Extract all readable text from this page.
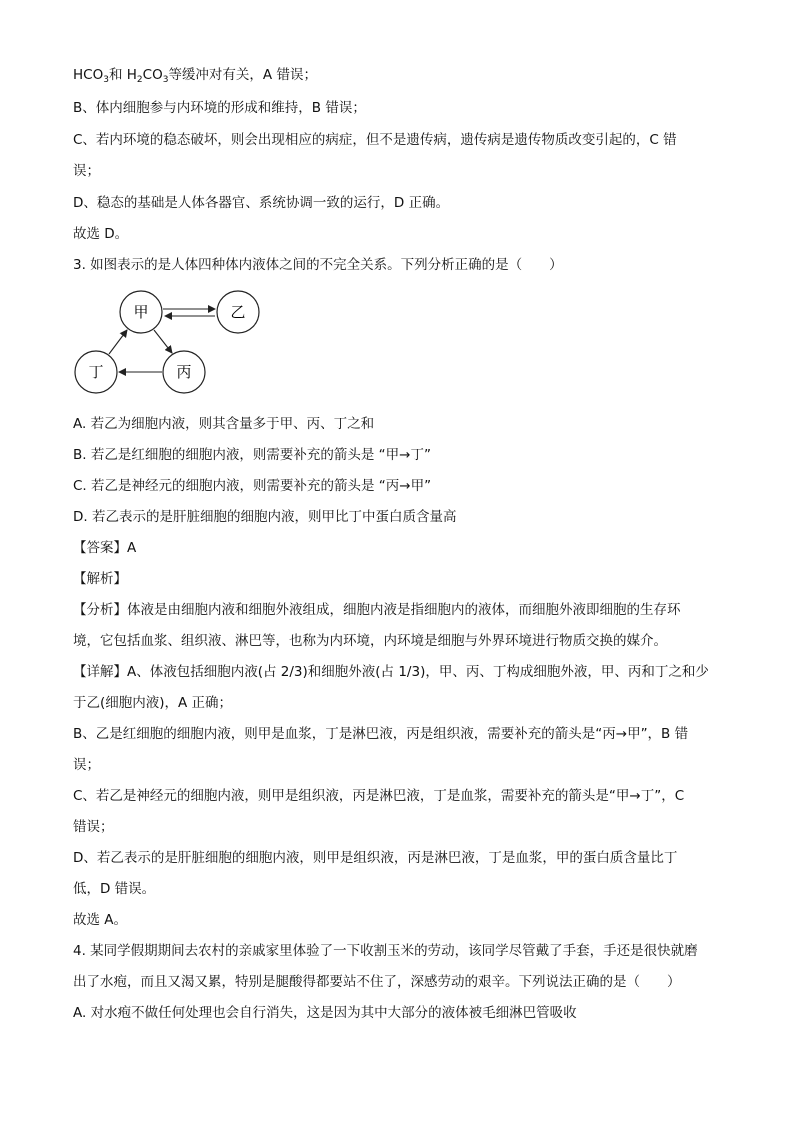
$HCO_3$和 $H_2CO_3$等缓冲对有关，A 错误；
B、体内细胞参与内环境的形成和维持，B 错误；
C、若内环境的稳态破坏，则会出现相应的病症，但不是遗传病，遗传病是遗传物质改变引起的，C 错
误；
D、稳态的基础是人体各器官、系统协调一致的运行，D 正确。
故选 D。
3. 如图表示的是人体四种体内液体之间的不完全关系。下列分析正确的是（　　）
甲	乙
丁	丙
A. 若乙为细胞内液，则其含量多于甲、丙、丁之和
B. 若乙是红细胞的细胞内液，则需要补充的箭头是 “甲→丁”
C. 若乙是神经元的细胞内液，则需要补充的箭头是 “丙→甲”
D. 若乙表示的是肝脏细胞的细胞内液，则甲比丁中蛋白质含量高
【答案】A
【解析】
【分析】体液是由细胞内液和细胞外液组成，细胞内液是指细胞内的液体，而细胞外液即细胞的生存环
境，它包括血浆、组织液、淋巴等，也称为内环境，内环境是细胞与外界环境进行物质交换的媒介。
【详解】A、体液包括细胞内液(占 2/3)和细胞外液(占 1/3)，甲、丙、丁构成细胞外液，甲、丙和丁之和少
于乙(细胞内液)，A 正确；
B、乙是红细胞的细胞内液，则甲是血浆，丁是淋巴液，丙是组织液，需要补充的箭头是“丙→甲”，B 错
误；
C、若乙是神经元的细胞内液，则甲是组织液，丙是淋巴液，丁是血浆，需要补充的箭头是“甲→丁”，C
错误；
D、若乙表示的是肝脏细胞的细胞内液，则甲是组织液，丙是淋巴液，丁是血浆，甲的蛋白质含量比丁
低，D 错误。
故选 A。
4. 某同学假期期间去农村的亲戚家里体验了一下收割玉米的劳动，该同学尽管戴了手套，手还是很快就磨
出了水疱，而且又渴又累，特别是腿酸得都要站不住了，深感劳动的艰辛。下列说法正确的是（　　）
A. 对水疱不做任何处理也会自行消失，这是因为其中大部分的液体被毛细淋巴管吸收
